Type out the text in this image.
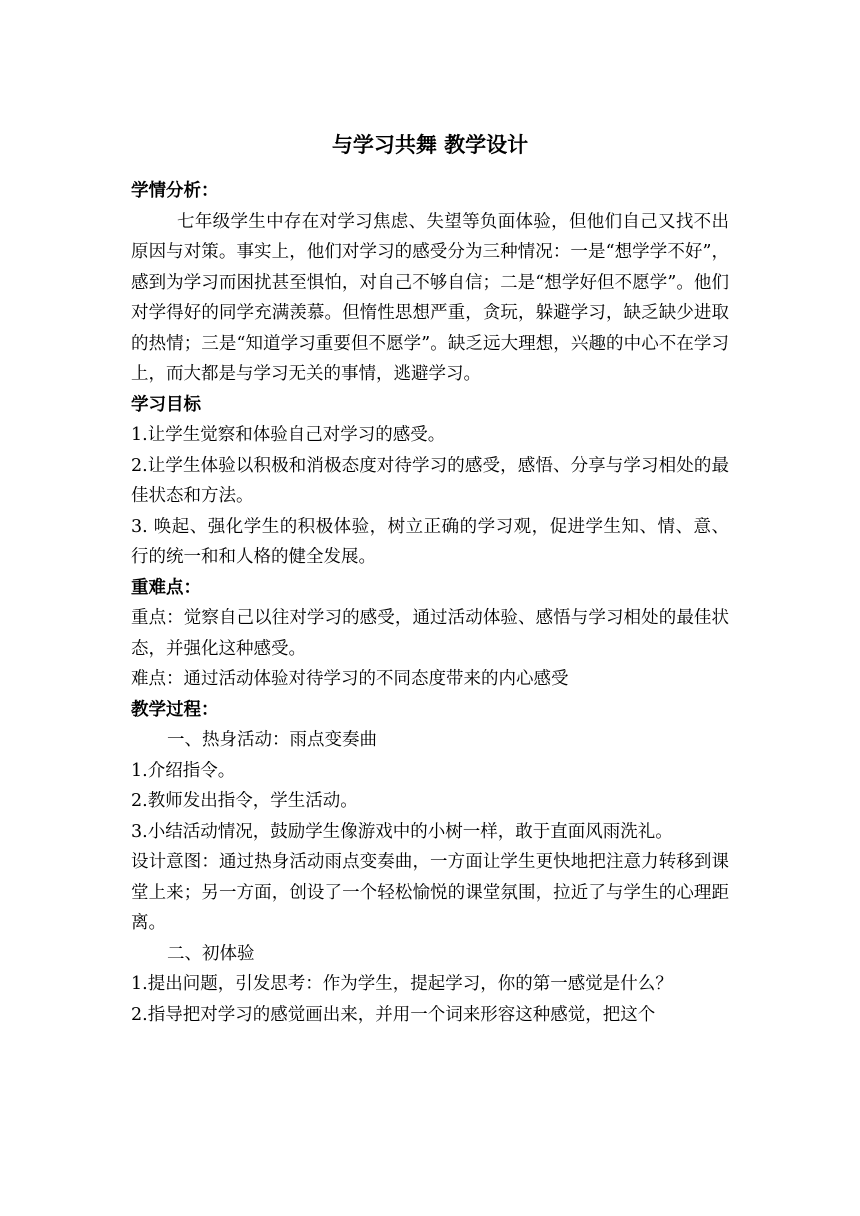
与学习共舞 教学设计
学情分析：

七年级学生中存在对学习焦虑、失望等负面体验，但他们自己又找不出原因与对策。事实上，他们对学习的感受分为三种情况：一是“想学学不好”，感到为学习而困扰甚至惧怕，对自己不够自信；二是“想学好但不愿学”。他们对学得好的同学充满羡慕。但惰性思想严重，贪玩，躲避学习，缺乏缺少进取的热情；三是“知道学习重要但不愿学”。缺乏远大理想，兴趣的中心不在学习上，而大都是与学习无关的事情，逃避学习。

学习目标

1.让学生觉察和体验自己对学习的感受。

2.让学生体验以积极和消极态度对待学习的感受，感悟、分享与学习相处的最佳状态和方法。

3. 唤起、强化学生的积极体验，树立正确的学习观，促进学生知、情、意、行的统一和和人格的健全发展。

重难点：

重点：觉察自己以往对学习的感受，通过活动体验、感悟与学习相处的最佳状态，并强化这种感受。

难点：通过活动体验对待学习的不同态度带来的内心感受

教学过程：

一、热身活动：雨点变奏曲

1.介绍指令。

2.教师发出指令，学生活动。

3.小结活动情况，鼓励学生像游戏中的小树一样，敢于直面风雨洗礼。

设计意图：通过热身活动雨点变奏曲，一方面让学生更快地把注意力转移到课堂上来；另一方面，创设了一个轻松愉悦的课堂氛围，拉近了与学生的心理距离。

二、初体验

1.提出问题，引发思考：作为学生，提起学习，你的第一感觉是什么？

2.指导把对学习的感觉画出来，并用一个词来形容这种感觉，把这个
